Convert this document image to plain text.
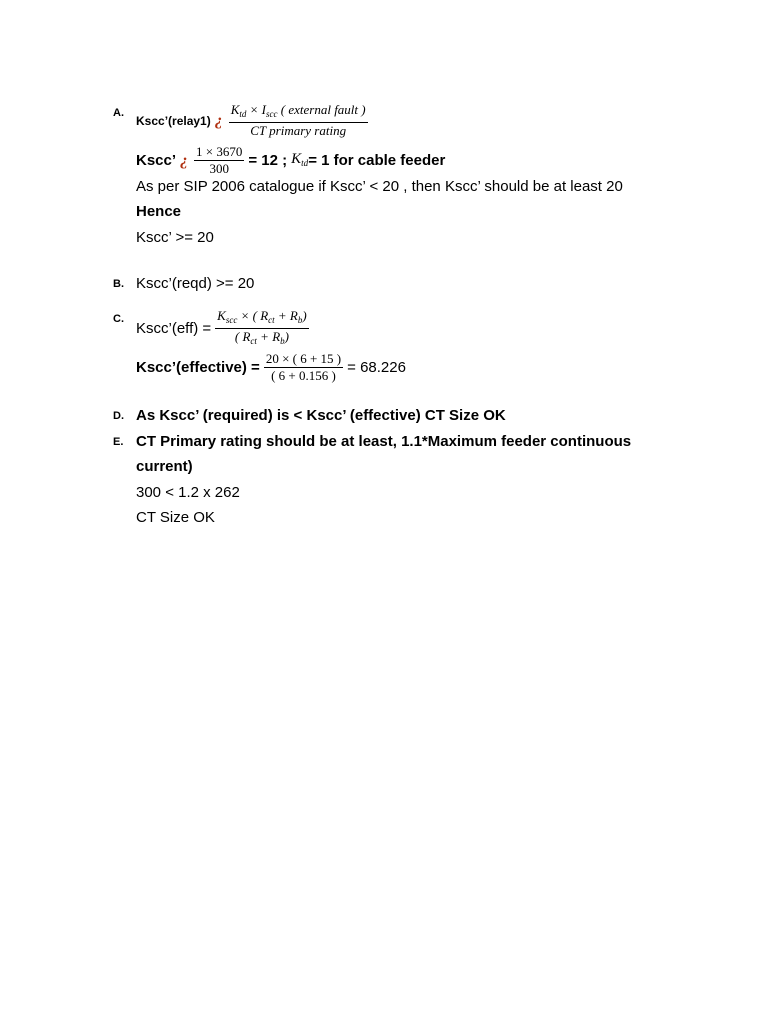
A.
Kscc’(relay1) ¿ $\frac{K_{td} \times I_{scc} ( external fault )}{\text{CT primary rating}}$
Kscc’ ¿ $\frac{1 \times 3670}{300} = 12$ ; $K_{td} = 1$ for cable feeder
As per SIP 2006 catalogue if Kscc’ < 20 , then Kscc’ should be at least 20
Hence
Kscc’ >= 20
B. Kscc’(reqd) >= 20
C.
Kscc’(eff) = $\frac{K_{scc} \times ( R_{ct} + R_b)}{( R_{ct} + R_b)}$
Kscc’(effective) = $\frac{20 \times ( 6 + 15 )}{( 6 + 0.156 )} = 68.226$
D. As Kscc’ (required) is < Kscc’ (effective) CT Size OK
E. CT Primary rating should be at least, 1.1*Maximum feeder continuous
current)
300 < 1.2 x 262
CT Size OK
